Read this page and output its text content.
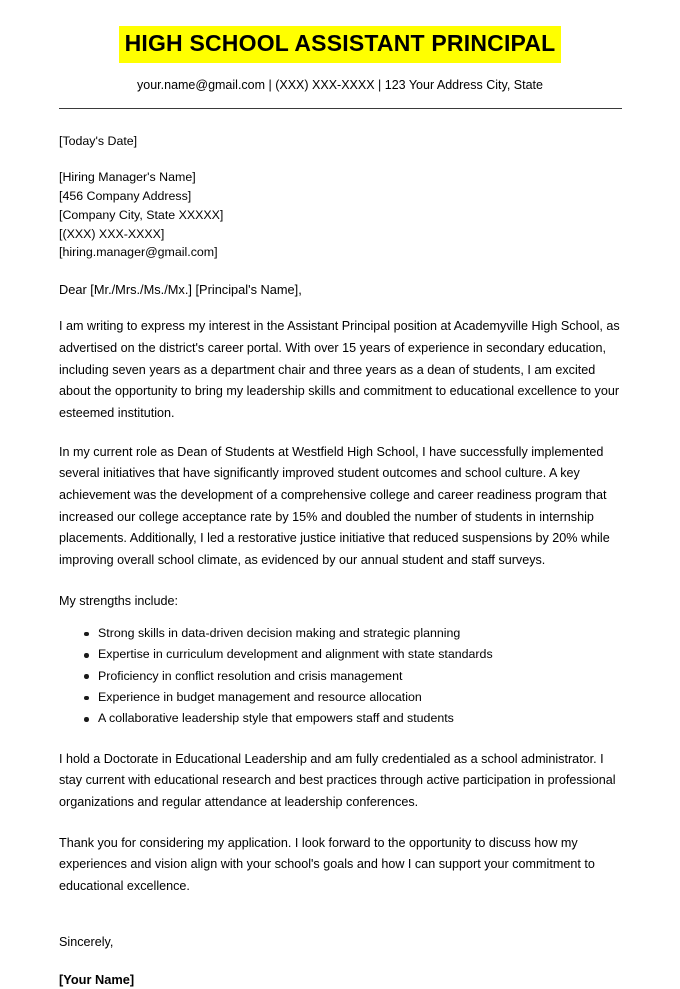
HIGH SCHOOL ASSISTANT PRINCIPAL
your.name@gmail.com | (XXX) XXX-XXXX | 123 Your Address City, State
[Today's Date]
[Hiring Manager's Name]
[456 Company Address]
[Company City, State XXXXX]
[(XXX) XXX-XXXX]
[hiring.manager@gmail.com]
Dear [Mr./Mrs./Ms./Mx.] [Principal's Name],

I am writing to express my interest in the Assistant Principal position at Academyville High School, as advertised on the district's career portal. With over 15 years of experience in secondary education, including seven years as a department chair and three years as a dean of students, I am excited about the opportunity to bring my leadership skills and commitment to educational excellence to your esteemed institution.

In my current role as Dean of Students at Westfield High School, I have successfully implemented several initiatives that have significantly improved student outcomes and school culture. A key achievement was the development of a comprehensive college and career readiness program that increased our college acceptance rate by 15% and doubled the number of students in internship placements. Additionally, I led a restorative justice initiative that reduced suspensions by 20% while improving overall school climate, as evidenced by our annual student and staff surveys.

My strengths include:
Strong skills in data-driven decision making and strategic planning
Expertise in curriculum development and alignment with state standards
Proficiency in conflict resolution and crisis management
Experience in budget management and resource allocation
A collaborative leadership style that empowers staff and students

I hold a Doctorate in Educational Leadership and am fully credentialed as a school administrator. I stay current with educational research and best practices through active participation in professional organizations and regular attendance at leadership conferences.

Thank you for considering my application. I look forward to the opportunity to discuss how my experiences and vision align with your school's goals and how I can support your commitment to educational excellence.

Sincerely,
[Your Name]
